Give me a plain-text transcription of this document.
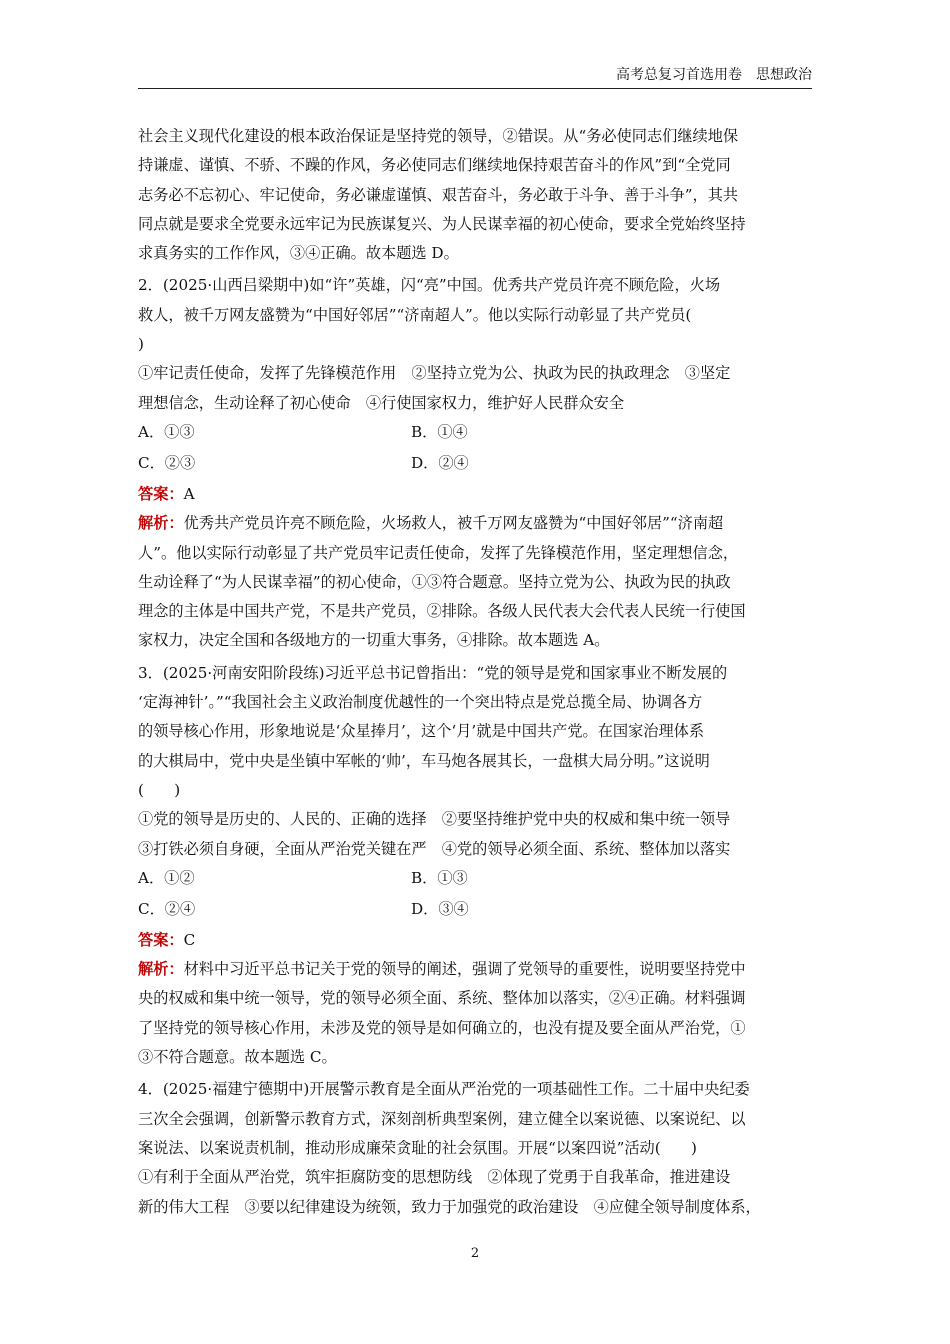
高考总复习首选用卷　思想政治

社会主义现代化建设的根本政治保证是坚持党的领导，②错误。从“务必使同志们继续地保

持谦虚、谨慎、不骄、不躁的作风，务必使同志们继续地保持艰苦奋斗的作风”到“全党同

志务必不忘初心、牢记使命，务必谦虚谨慎、艰苦奋斗，务必敢于斗争、善于斗争”，其共

同点就是要求全党要永远牢记为民族谋复兴、为人民谋幸福的初心使命，要求全党始终坚持

求真务实的工作作风，③④正确。故本题选 D。

2．(2025·山西吕梁期中)如“许”英雄，闪“亮”中国。优秀共产党员许亮不顾危险，火场

救人，被千万网友盛赞为“中国好邻居”“济南超人”。他以实际行动彰显了共产党员(

)

①牢记责任使命，发挥了先锋模范作用　②坚持立党为公、执政为民的执政理念　③坚定

理想信念，生动诠释了初心使命　④行使国家权力，维护好人民群众安全

A．①③	B．①④
C．②③	D．②④

答案：A

解析：优秀共产党员许亮不顾危险，火场救人，被千万网友盛赞为“中国好邻居”“济南超

人”。他以实际行动彰显了共产党员牢记责任使命，发挥了先锋模范作用，坚定理想信念，

生动诠释了“为人民谋幸福”的初心使命，①③符合题意。坚持立党为公、执政为民的执政

理念的主体是中国共产党，不是共产党员，②排除。各级人民代表大会代表人民统一行使国

家权力，决定全国和各级地方的一切重大事务，④排除。故本题选 A。

3．(2025·河南安阳阶段练)习近平总书记曾指出：“党的领导是党和国家事业不断发展的

‘定海神针’。”“我国社会主义政治制度优越性的一个突出特点是党总揽全局、协调各方

的领导核心作用，形象地说是‘众星捧月’，这个‘月’就是中国共产党。在国家治理体系

的大棋局中，党中央是坐镇中军帐的‘帅’，车马炮各展其长，一盘棋大局分明。”这说明

(　　)

①党的领导是历史的、人民的、正确的选择　②要坚持维护党中央的权威和集中统一领导

③打铁必须自身硬，全面从严治党关键在严　④党的领导必须全面、系统、整体加以落实

A．①②	B．①③
C．②④	D．③④

答案：C

解析：材料中习近平总书记关于党的领导的阐述，强调了党领导的重要性，说明要坚持党中

央的权威和集中统一领导，党的领导必须全面、系统、整体加以落实，②④正确。材料强调

了坚持党的领导核心作用，未涉及党的领导是如何确立的，也没有提及要全面从严治党，①

③不符合题意。故本题选 C。

4．(2025·福建宁德期中)开展警示教育是全面从严治党的一项基础性工作。二十届中央纪委

三次全会强调，创新警示教育方式，深刻剖析典型案例，建立健全以案说德、以案说纪、以

案说法、以案说责机制，推动形成廉荣贪耻的社会氛围。开展“以案四说”活动(　　)

①有利于全面从严治党，筑牢拒腐防变的思想防线　②体现了党勇于自我革命，推进建设

新的伟大工程　③要以纪律建设为统领，致力于加强党的政治建设　④应健全领导制度体系，

2
